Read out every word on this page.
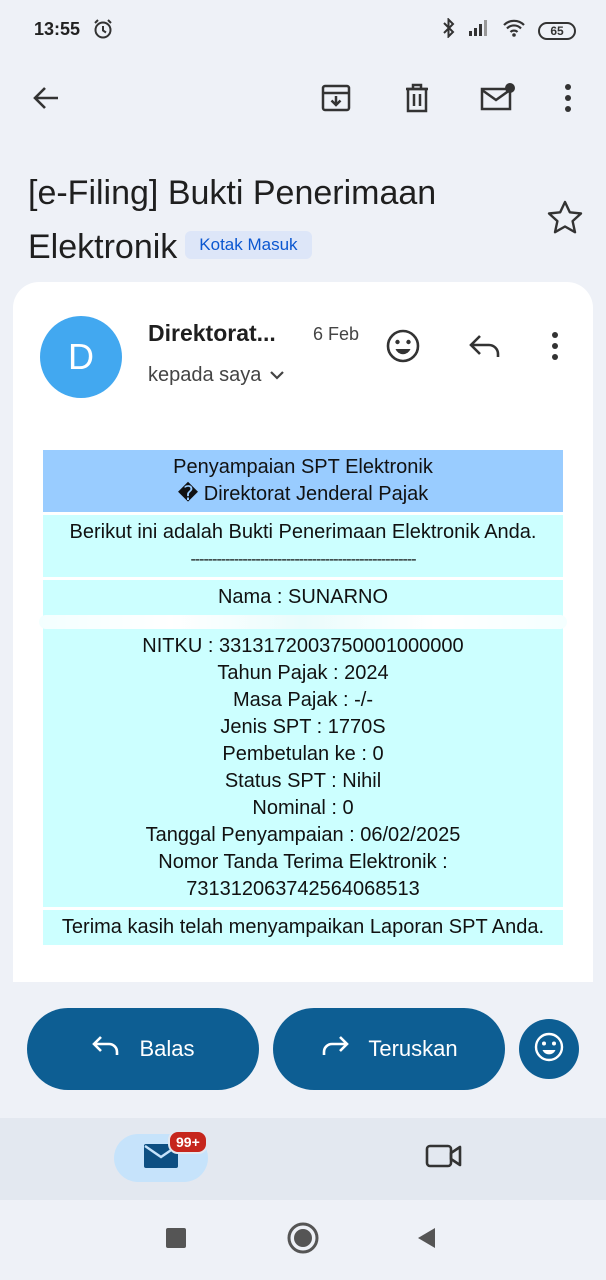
13:55	65
[e-Filing] Bukti Penerimaan Elektronik Kotak Masuk
D
Direktorat... 6 Feb
kepada saya
Penyampaian SPT Elektronik
� Direktorat Jenderal Pajak
Berikut ini adalah Bukti Penerimaan Elektronik Anda.
----------------------------------------------------
Nama : SUNARNO
NITKU : 3313172003750001000000
Tahun Pajak : 2024
Masa Pajak : -/-
Jenis SPT : 1770S
Pembetulan ke : 0
Status SPT : Nihil
Nominal : 0
Tanggal Penyampaian : 06/02/2025
Nomor Tanda Terima Elektronik :
731312063742564068513
Terima kasih telah menyampaikan Laporan SPT Anda.
Balas	Teruskan
99+
